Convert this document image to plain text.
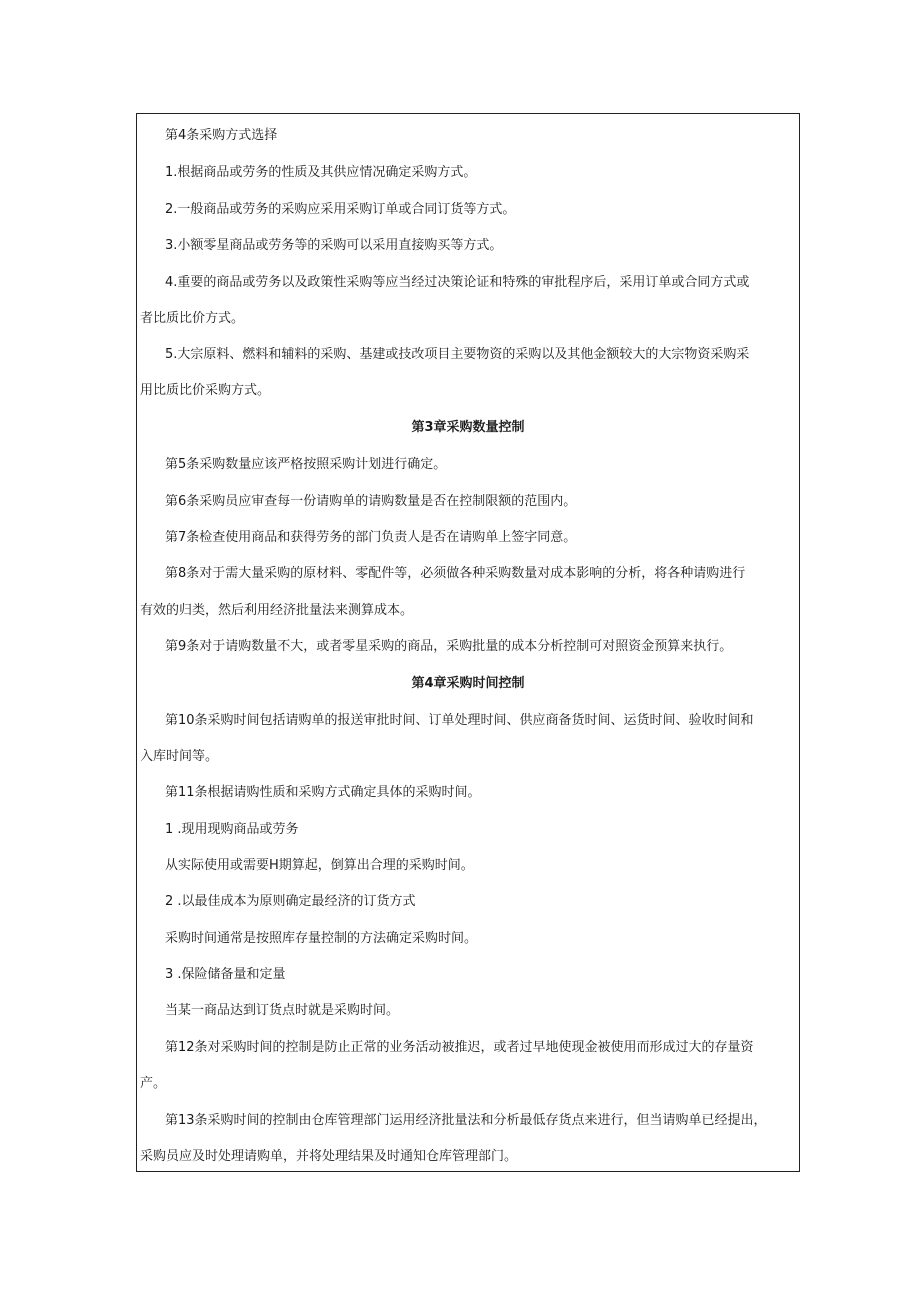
第4条采购方式选择
1.根据商品或劳务的性质及其供应情况确定采购方式。
2.一般商品或劳务的采购应采用采购订单或合同订货等方式。
3.小额零星商品或劳务等的采购可以采用直接购买等方式。
4.重要的商品或劳务以及政策性采购等应当经过决策论证和特殊的审批程序后，采用订单或合同方式或
者比质比价方式。
5.大宗原料、燃料和辅料的采购、基建或技改项目主要物资的采购以及其他金额较大的大宗物资采购采
用比质比价采购方式。
第3章采购数量控制
第5条采购数量应该严格按照采购计划进行确定。
第6条采购员应审查每一份请购单的请购数量是否在控制限额的范围内。
第7条检查使用商品和获得劳务的部门负责人是否在请购单上签字同意。
第8条对于需大量采购的原材料、零配件等，必须做各种采购数量对成本影响的分析，将各种请购进行
有效的归类，然后利用经济批量法来测算成本。
第9条对于请购数量不大，或者零星采购的商品，采购批量的成本分析控制可对照资金预算来执行。
第4章采购时间控制
第10条采购时间包括请购单的报送审批时间、订单处理时间、供应商备货时间、运货时间、验收时间和
入库时间等。
第11条根据请购性质和采购方式确定具体的采购时间。
1 .现用现购商品或劳务
从实际使用或需要H期算起，倒算出合理的采购时间。
2 .以最佳成本为原则确定最经济的订货方式
采购时间通常是按照库存量控制的方法确定采购时间。
3 .保险储备量和定量
当某一商品达到订货点时就是采购时间。
第12条对采购时间的控制是防止正常的业务活动被推迟，或者过早地使现金被使用而形成过大的存量资
产。
第13条采购时间的控制由仓库管理部门运用经济批量法和分析最低存货点来进行，但当请购单已经提出，
采购员应及时处理请购单，并将处理结果及时通知仓库管理部门。
